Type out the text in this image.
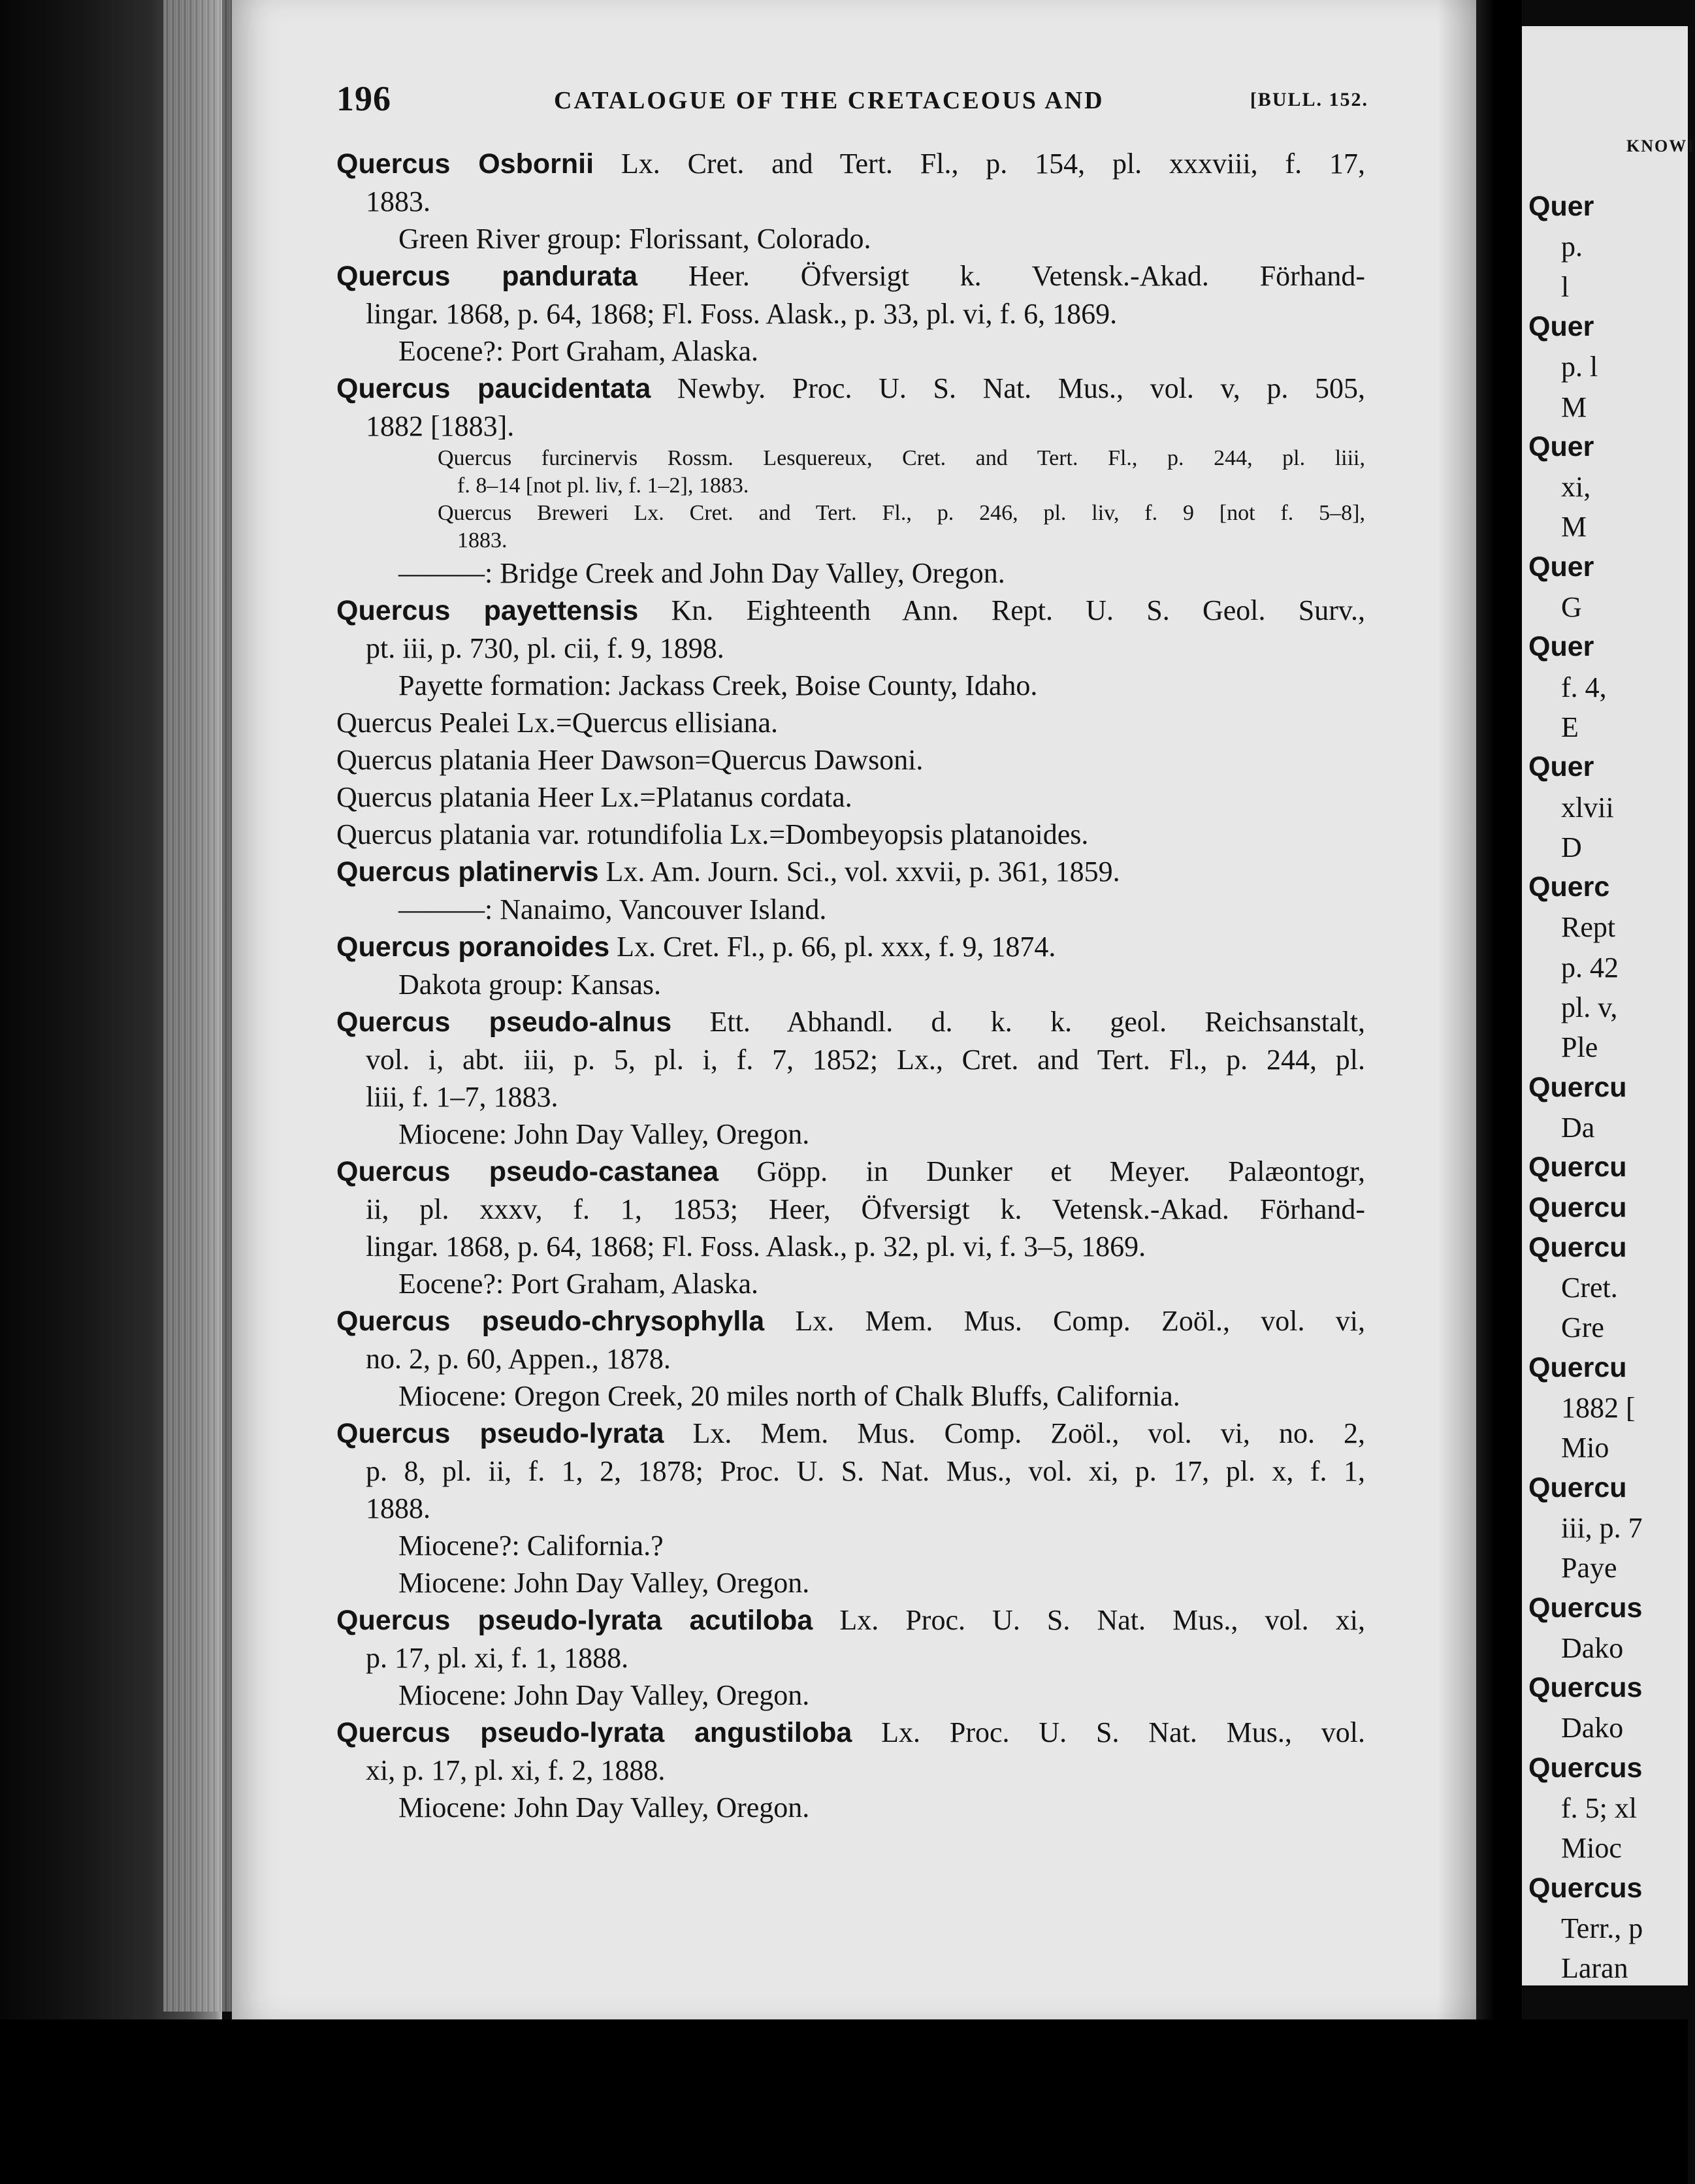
KNOWI
Quer
p.
l
Quer
p. l
M
Quer
xi,
M
Quer
G
Quer
f. 4,
E
Quer
xlvii
D
Querc
Rept
p. 42
pl. v,
Ple
Quercu
Da
Quercu
Quercu
Quercu
Cret.
Gre
Quercu
1882 [
Mio
Quercu
iii, p. 7
Paye
Quercus
Dako
Quercus
Dako
Quercus
f. 5; xl
Mioc
Quercus
Terr., p
Laran
196	CATALOGUE OF THE CRETACEOUS AND	[BULL. 152.
Quercus Osbornii Lx. Cret. and Tert. Fl., p. 154, pl. xxxviii, f. 17,
1883.
Green River group: Florissant, Colorado.
Quercus pandurata Heer. Öfversigt k. Vetensk.-Akad. Förhand-
lingar. 1868, p. 64, 1868; Fl. Foss. Alask., p. 33, pl. vi, f. 6, 1869.
Eocene?: Port Graham, Alaska.
Quercus paucidentata Newby. Proc. U. S. Nat. Mus., vol. v, p. 505,
1882 [1883].
Quercus furcinervis Rossm. Lesquereux, Cret. and Tert. Fl., p. 244, pl. liii,
f. 8–14 [not pl. liv, f. 1–2], 1883.
Quercus Breweri Lx. Cret. and Tert. Fl., p. 246, pl. liv, f. 9 [not f. 5–8],
1883.
———: Bridge Creek and John Day Valley, Oregon.
Quercus payettensis Kn. Eighteenth Ann. Rept. U. S. Geol. Surv.,
pt. iii, p. 730, pl. cii, f. 9, 1898.
Payette formation: Jackass Creek, Boise County, Idaho.
Quercus Pealei Lx.=Quercus ellisiana.
Quercus platania Heer Dawson=Quercus Dawsoni.
Quercus platania Heer Lx.=Platanus cordata.
Quercus platania var. rotundifolia Lx.=Dombeyopsis platanoides.
Quercus platinervis Lx. Am. Journ. Sci., vol. xxvii, p. 361, 1859.
———: Nanaimo, Vancouver Island.
Quercus poranoides Lx. Cret. Fl., p. 66, pl. xxx, f. 9, 1874.
Dakota group: Kansas.
Quercus pseudo-alnus Ett. Abhandl. d. k. k. geol. Reichsanstalt,
vol. i, abt. iii, p. 5, pl. i, f. 7, 1852; Lx., Cret. and Tert. Fl., p. 244, pl.
liii, f. 1–7, 1883.
Miocene: John Day Valley, Oregon.
Quercus pseudo-castanea Göpp. in Dunker et Meyer. Palæontogr,
ii, pl. xxxv, f. 1, 1853; Heer, Öfversigt k. Vetensk.-Akad. Förhand-
lingar. 1868, p. 64, 1868; Fl. Foss. Alask., p. 32, pl. vi, f. 3–5, 1869.
Eocene?: Port Graham, Alaska.
Quercus pseudo-chrysophylla Lx. Mem. Mus. Comp. Zoöl., vol. vi,
no. 2, p. 60, Appen., 1878.
Miocene: Oregon Creek, 20 miles north of Chalk Bluffs, California.
Quercus pseudo-lyrata Lx. Mem. Mus. Comp. Zoöl., vol. vi, no. 2,
p. 8, pl. ii, f. 1, 2, 1878; Proc. U. S. Nat. Mus., vol. xi, p. 17, pl. x, f. 1,
1888.
Miocene?: California.?
Miocene: John Day Valley, Oregon.
Quercus pseudo-lyrata acutiloba Lx. Proc. U. S. Nat. Mus., vol. xi,
p. 17, pl. xi, f. 1, 1888.
Miocene: John Day Valley, Oregon.
Quercus pseudo-lyrata angustiloba Lx. Proc. U. S. Nat. Mus., vol.
xi, p. 17, pl. xi, f. 2, 1888.
Miocene: John Day Valley, Oregon.
